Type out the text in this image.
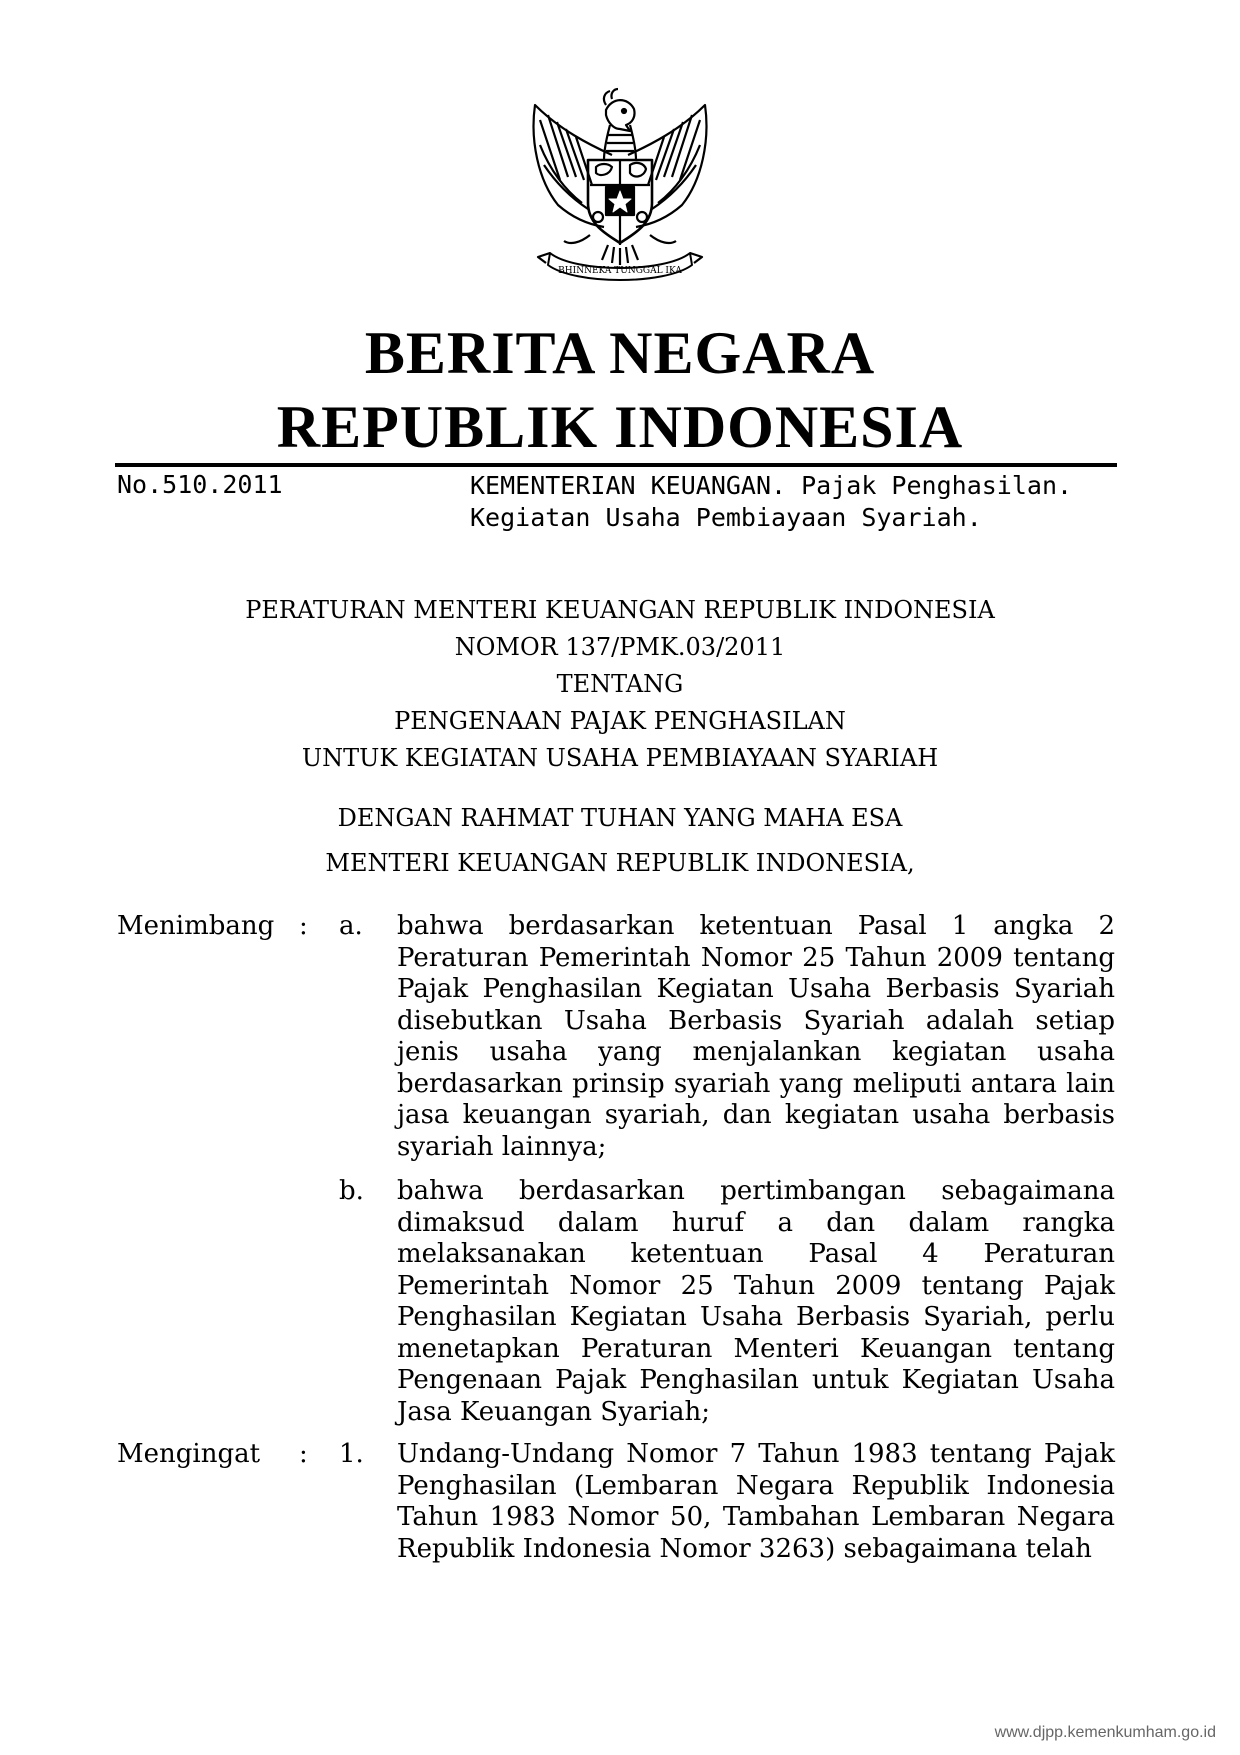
BHINNEKA TUNGGAL IKA
BERITA NEGARA
REPUBLIK INDONESIA
No.510.2011	KEMENTERIAN KEUANGAN. Pajak Penghasilan.
Kegiatan Usaha Pembiayaan Syariah.
PERATURAN MENTERI KEUANGAN REPUBLIK INDONESIA
NOMOR 137/PMK.03/2011
TENTANG
PENGENAAN PAJAK PENGHASILAN
UNTUK KEGIATAN USAHA PEMBIAYAAN SYARIAH
DENGAN RAHMAT TUHAN YANG MAHA ESA
MENTERI KEUANGAN REPUBLIK INDONESIA,
Menimbang : a. bahwa berdasarkan ketentuan Pasal 1 angka 2 Peraturan Pemerintah Nomor 25 Tahun 2009 tentang Pajak Penghasilan Kegiatan Usaha Berbasis Syariah disebutkan Usaha Berbasis Syariah adalah setiap jenis usaha yang menjalankan kegiatan usaha berdasarkan prinsip syariah yang meliputi antara lain jasa keuangan syariah, dan kegiatan usaha berbasis syariah lainnya;
b. bahwa berdasarkan pertimbangan sebagaimana dimaksud dalam huruf a dan dalam rangka melaksanakan ketentuan Pasal 4 Peraturan Pemerintah Nomor 25 Tahun 2009 tentang Pajak Penghasilan Kegiatan Usaha Berbasis Syariah, perlu menetapkan Peraturan Menteri Keuangan tentang Pengenaan Pajak Penghasilan untuk Kegiatan Usaha Jasa Keuangan Syariah;
Mengingat : 1. Undang-Undang Nomor 7 Tahun 1983 tentang Pajak Penghasilan (Lembaran Negara Republik Indonesia Tahun 1983 Nomor 50, Tambahan Lembaran Negara Republik Indonesia Nomor 3263) sebagaimana telah
www.djpp.kemenkumham.go.id
